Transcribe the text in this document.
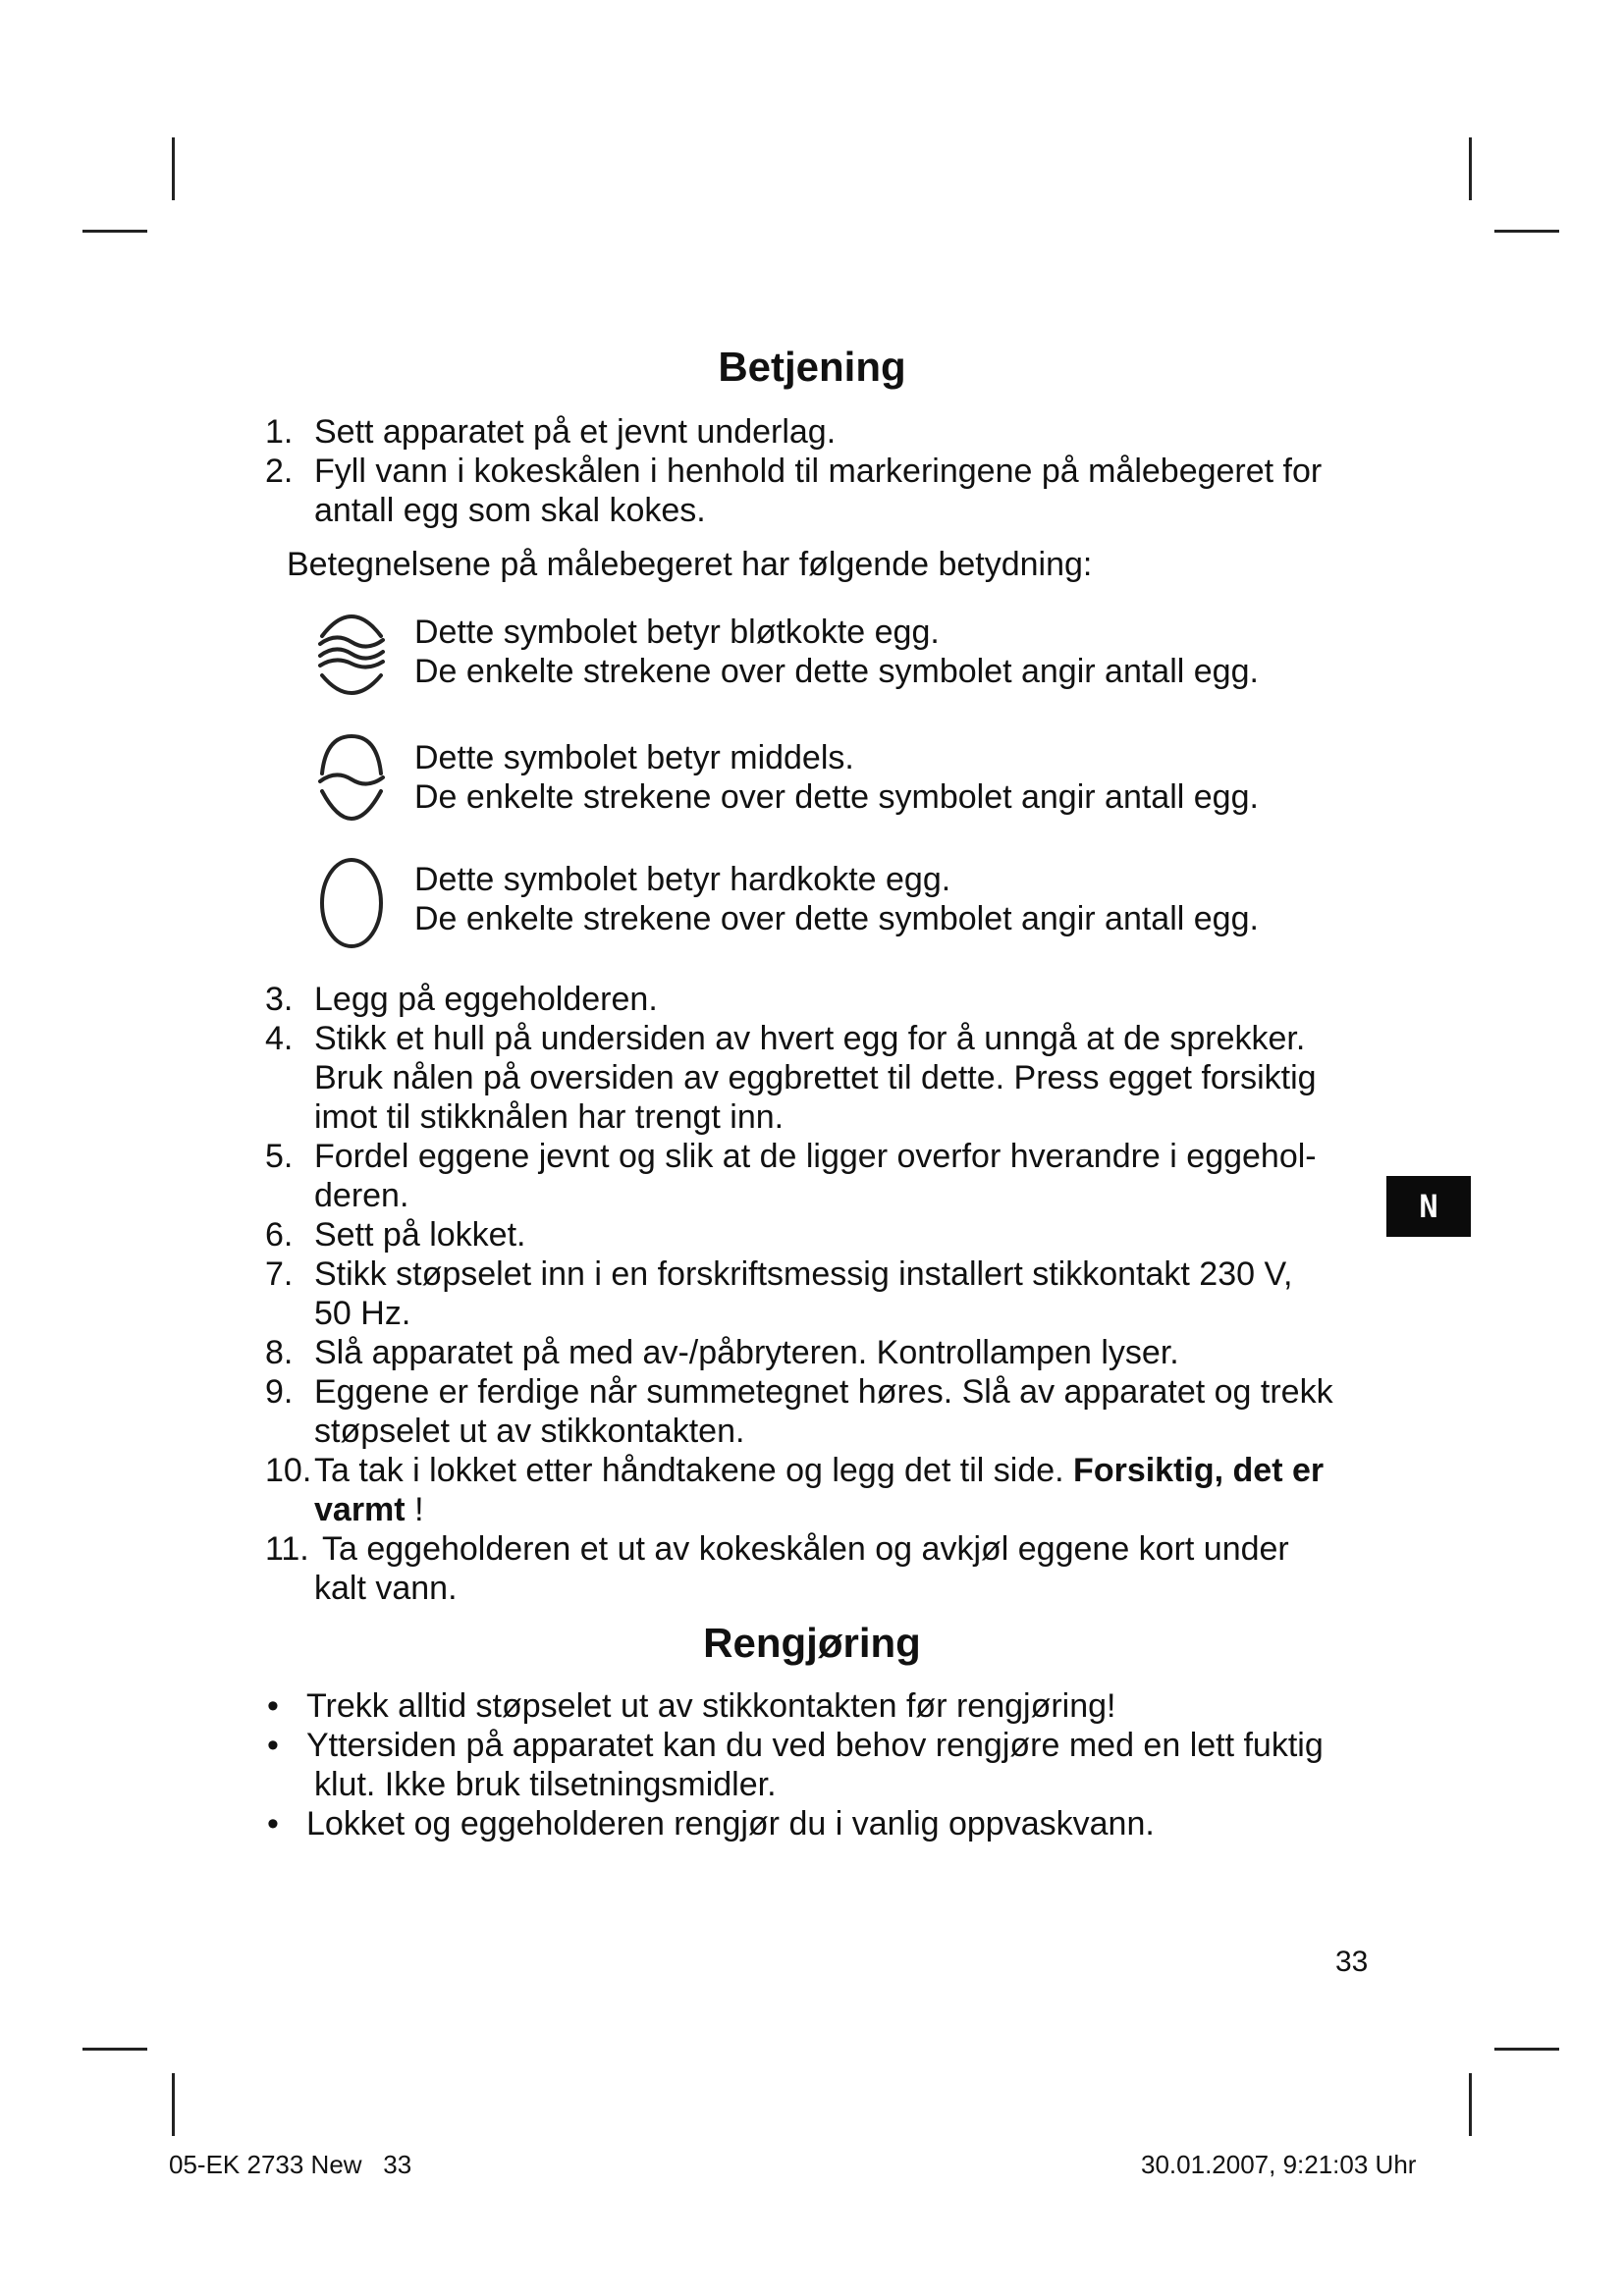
Betjening
1. Sett apparatet på et jevnt underlag.
2. Fyll vann i kokeskålen i henhold til markeringene på målebegeret for
antall egg som skal kokes.

Betegnelsene på målebegeret har følgende betydning:

Dette symbolet betyr bløtkokte egg.
De enkelte strekene over dette symbolet angir antall egg.
Dette symbolet betyr middels.
De enkelte strekene over dette symbolet angir antall egg.
Dette symbolet betyr hardkokte egg.
De enkelte strekene over dette symbolet angir antall egg.
3. Legg på eggeholderen.
4. Stikk et hull på undersiden av hvert egg for å unngå at de sprekker.
Bruk nålen på oversiden av eggbrettet til dette. Press egget forsiktig
imot til stikknålen har trengt inn.
5. Fordel eggene jevnt og slik at de ligger overfor hverandre i eggehol-
deren.
6. Sett på lokket.
7. Stikk støpselet inn i en forskriftsmessig installert stikkontakt 230 V,
50 Hz.
8. Slå apparatet på med av-/påbryteren. Kontrollampen lyser.
9. Eggene er ferdige når summetegnet høres. Slå av apparatet og trekk
støpselet ut av stikkontakten.
10. Ta tak i lokket etter håndtakene og legg det til side. Forsiktig, det er
varmt !
11. Ta eggeholderen et ut av kokeskålen og avkjøl eggene kort under
kalt vann.
Rengjøring
• Trekk alltid støpselet ut av stikkontakten før rengjøring!
• Yttersiden på apparatet kan du ved behov rengjøre med en lett fuktig
klut. Ikke bruk tilsetningsmidler.
• Lokket og eggeholderen rengjør du i vanlig oppvaskvann.
N
33
05-EK 2733 New   33	30.01.2007, 9:21:03 Uhr
